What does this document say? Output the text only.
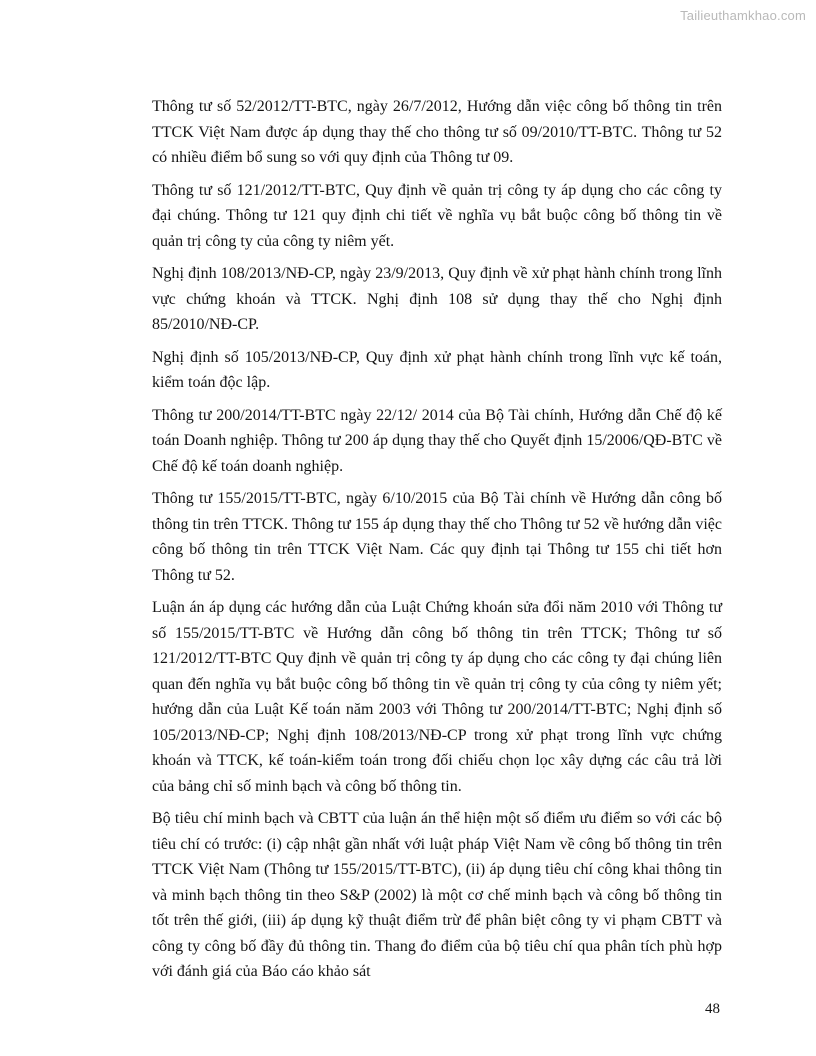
Tailieuthamkhao.com

Thông tư số 52/2012/TT-BTC, ngày 26/7/2012, Hướng dẫn việc công bố thông tin trên TTCK Việt Nam được áp dụng thay thế cho thông tư số 09/2010/TT-BTC. Thông tư 52 có nhiều điểm bổ sung so với quy định của Thông tư 09.

Thông tư số 121/2012/TT-BTC, Quy định về quản trị công ty áp dụng cho các công ty đại chúng. Thông tư 121 quy định chi tiết về nghĩa vụ bắt buộc công bố thông tin về quản trị công ty của công ty niêm yết.

Nghị định 108/2013/NĐ-CP, ngày 23/9/2013, Quy định về xử phạt hành chính trong lĩnh vực chứng khoán và TTCK. Nghị định 108 sử dụng thay thế cho Nghị định 85/2010/NĐ-CP.

Nghị định số 105/2013/NĐ-CP, Quy định xử phạt hành chính trong lĩnh vực kế toán, kiểm toán độc lập.

Thông tư 200/2014/TT-BTC ngày 22/12/ 2014 của Bộ Tài chính, Hướng dẫn Chế độ kế toán Doanh nghiệp. Thông tư 200 áp dụng thay thế cho Quyết định 15/2006/QĐ-BTC về Chế độ kế toán doanh nghiệp.

Thông tư 155/2015/TT-BTC, ngày 6/10/2015 của Bộ Tài chính về Hướng dẫn công bố thông tin trên TTCK. Thông tư 155 áp dụng thay thế cho Thông tư 52 về hướng dẫn việc công bố thông tin trên TTCK Việt Nam. Các quy định tại Thông tư 155 chi tiết hơn Thông tư 52.

Luận án áp dụng các hướng dẫn của Luật Chứng khoán sửa đổi năm 2010 với Thông tư số 155/2015/TT-BTC về Hướng dẫn công bố thông tin trên TTCK; Thông tư số 121/2012/TT-BTC Quy định về quản trị công ty áp dụng cho các công ty đại chúng liên quan đến nghĩa vụ bắt buộc công bố thông tin về quản trị công ty của công ty niêm yết; hướng dẫn của Luật Kế toán năm 2003 với Thông tư 200/2014/TT-BTC; Nghị định số 105/2013/NĐ-CP; Nghị định 108/2013/NĐ-CP trong xử phạt trong lĩnh vực chứng khoán và TTCK, kế toán-kiểm toán trong đối chiếu chọn lọc xây dựng các câu trả lời của bảng chỉ số minh bạch và công bố thông tin.

Bộ tiêu chí minh bạch và CBTT của luận án thể hiện một số điểm ưu điểm so với các bộ tiêu chí có trước: (i) cập nhật gần nhất với luật pháp Việt Nam về công bố thông tin trên TTCK Việt Nam (Thông tư 155/2015/TT-BTC), (ii) áp dụng tiêu chí công khai thông tin và minh bạch thông tin theo S&P (2002) là một cơ chế minh bạch và công bố thông tin tốt trên thế giới, (iii) áp dụng kỹ thuật điểm trừ để phân biệt công ty vi phạm CBTT và công ty công bố đầy đủ thông tin. Thang đo điểm của bộ tiêu chí qua phân tích phù hợp với đánh giá của Báo cáo khảo sát

48
